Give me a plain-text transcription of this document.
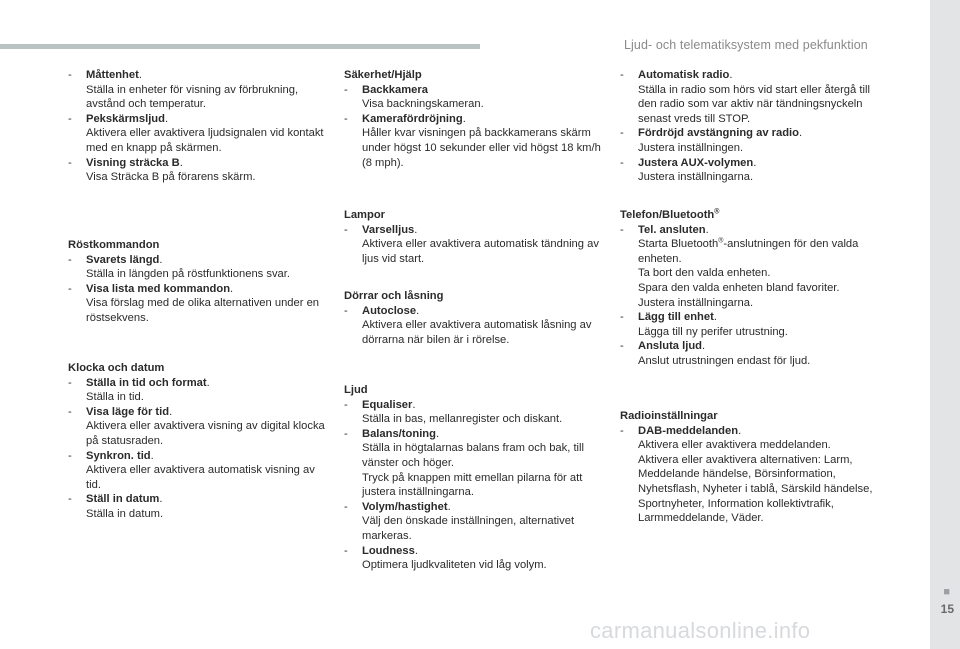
Ljud- och telematiksystem med pekfunktion
■
15
carmanualsonline.info
- Måttenhet.
Ställa in enheter för visning av förbrukning, avstånd och temperatur.
- Pekskärmsljud.
Aktivera eller avaktivera ljudsignalen vid kontakt med en knapp på skärmen.
- Visning sträcka B.
Visa Sträcka B på förarens skärm.
Röstkommandon
- Svarets längd.
Ställa in längden på röstfunktionens svar.
- Visa lista med kommandon.
Visa förslag med de olika alternativen under en röstsekvens.
Klocka och datum
- Ställa in tid och format.
Ställa in tid.
- Visa läge för tid.
Aktivera eller avaktivera visning av digital klocka på statusraden.
- Synkron. tid.
Aktivera eller avaktivera automatisk visning av tid.
- Ställ in datum.
Ställa in datum.
Säkerhet/Hjälp
- Backkamera
Visa backningskameran.
- Kamerafördröjning.
Håller kvar visningen på backkamerans skärm under högst 10 sekunder eller vid högst 18 km/h (8 mph).
Lampor
- Varselljus.
Aktivera eller avaktivera automatisk tändning av ljus vid start.
Dörrar och låsning
- Autoclose.
Aktivera eller avaktivera automatisk låsning av dörrarna när bilen är i rörelse.
Ljud
- Equaliser.
Ställa in bas, mellanregister och diskant.
- Balans/toning.
Ställa in högtalarnas balans fram och bak, till vänster och höger.
Tryck på knappen mitt emellan pilarna för att justera inställningarna.
- Volym/hastighet.
Välj den önskade inställningen, alternativet markeras.
- Loudness.
Optimera ljudkvaliteten vid låg volym.
- Automatisk radio.
Ställa in radio som hörs vid start eller återgå till den radio som var aktiv när tändningsnyckeln senast vreds till STOP.
- Fördröjd avstängning av radio.
Justera inställningen.
- Justera AUX-volymen.
Justera inställningarna.
Telefon/Bluetooth®
- Tel. ansluten.
Starta Bluetooth®-anslutningen för den valda enheten.
Ta bort den valda enheten.
Spara den valda enheten bland favoriter.
Justera inställningarna.
- Lägg till enhet.
Lägga till ny perifer utrustning.
- Ansluta ljud.
Anslut utrustningen endast för ljud.
Radioinställningar
- DAB-meddelanden.
Aktivera eller avaktivera meddelanden.
Aktivera eller avaktivera alternativen: Larm, Meddelande händelse, Börsinformation, Nyhetsflash, Nyheter i tablå, Särskild händelse, Sportnyheter, Information kollektivtrafik, Larmmeddelande, Väder.
